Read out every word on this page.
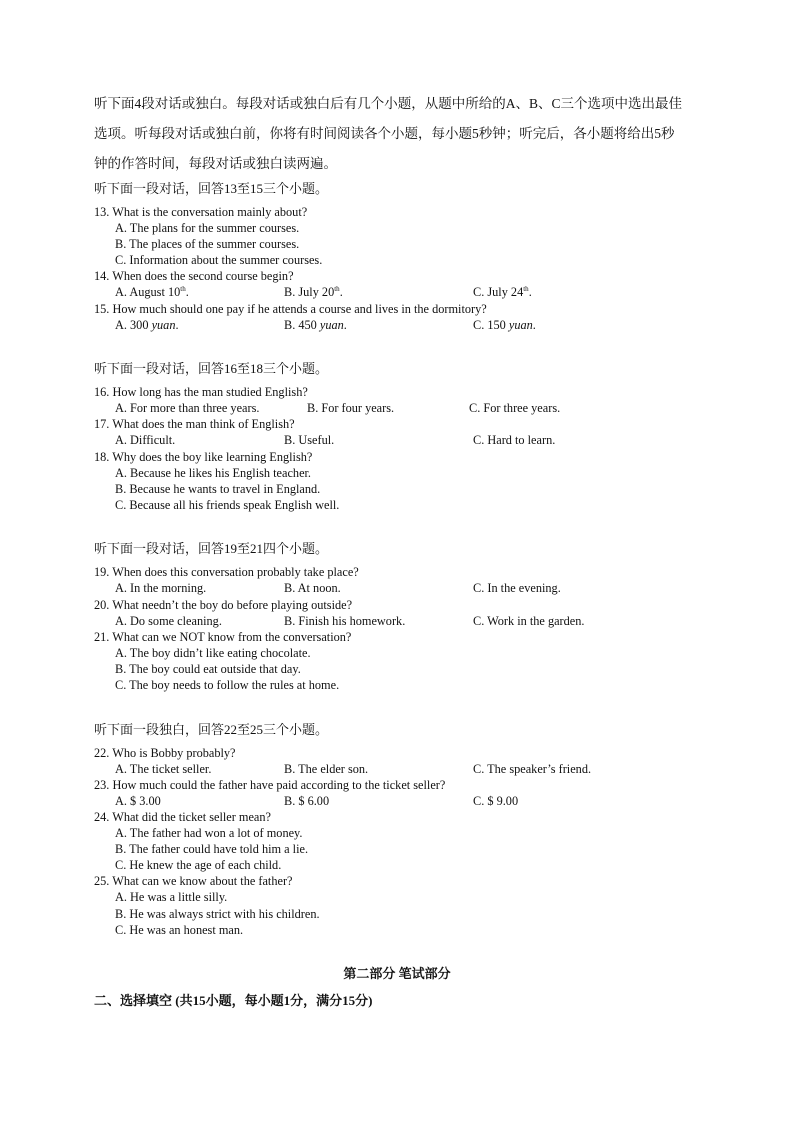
听下面4段对话或独白。每段对话或独白后有几个小题，从题中所给的A、B、C三个选项中选出最佳
选项。听每段对话或独白前，你将有时间阅读各个小题，每小题5秒钟；听完后，各小题将给出5秒
钟的作答时间，每段对话或独白读两遍。
听下面一段对话，回答13至15三个小题。
13. What is the conversation mainly about?
A. The plans for the summer courses.
B. The places of the summer courses.
C. Information about the summer courses.
14. When does the second course begin?
A. August 10th.	B. July 20th.	C. July 24th.
15. How much should one pay if he attends a course and lives in the dormitory?
A. 300 yuan.	B. 450 yuan.	C. 150 yuan.
听下面一段对话，回答16至18三个小题。
16. How long has the man studied English?
A. For more than three years.	B. For four years.	C. For three years.
17. What does the man think of English?
A. Difficult.	B. Useful.	C. Hard to learn.
18. Why does the boy like learning English?
A. Because he likes his English teacher.
B. Because he wants to travel in England.
C. Because all his friends speak English well.
听下面一段对话，回答19至21四个小题。
19. When does this conversation probably take place?
A. In the morning.	B. At noon.	C. In the evening.
20. What needn’t the boy do before playing outside?
A. Do some cleaning.	B. Finish his homework.	C. Work in the garden.
21. What can we NOT know from the conversation?
A. The boy didn’t like eating chocolate.
B. The boy could eat outside that day.
C. The boy needs to follow the rules at home.
听下面一段独白，回答22至25三个小题。
22. Who is Bobby probably?
A. The ticket seller.	B. The elder son.	C. The speaker’s friend.
23. How much could the father have paid according to the ticket seller?
A. $ 3.00	B. $ 6.00	C. $ 9.00
24. What did the ticket seller mean?
A. The father had won a lot of money.
B. The father could have told him a lie.
C. He knew the age of each child.
25. What can we know about the father?
A. He was a little silly.
B. He was always strict with his children.
C. He was an honest man.
第二部分 笔试部分
二、选择填空 (共15小题，每小题1分，满分15分)
